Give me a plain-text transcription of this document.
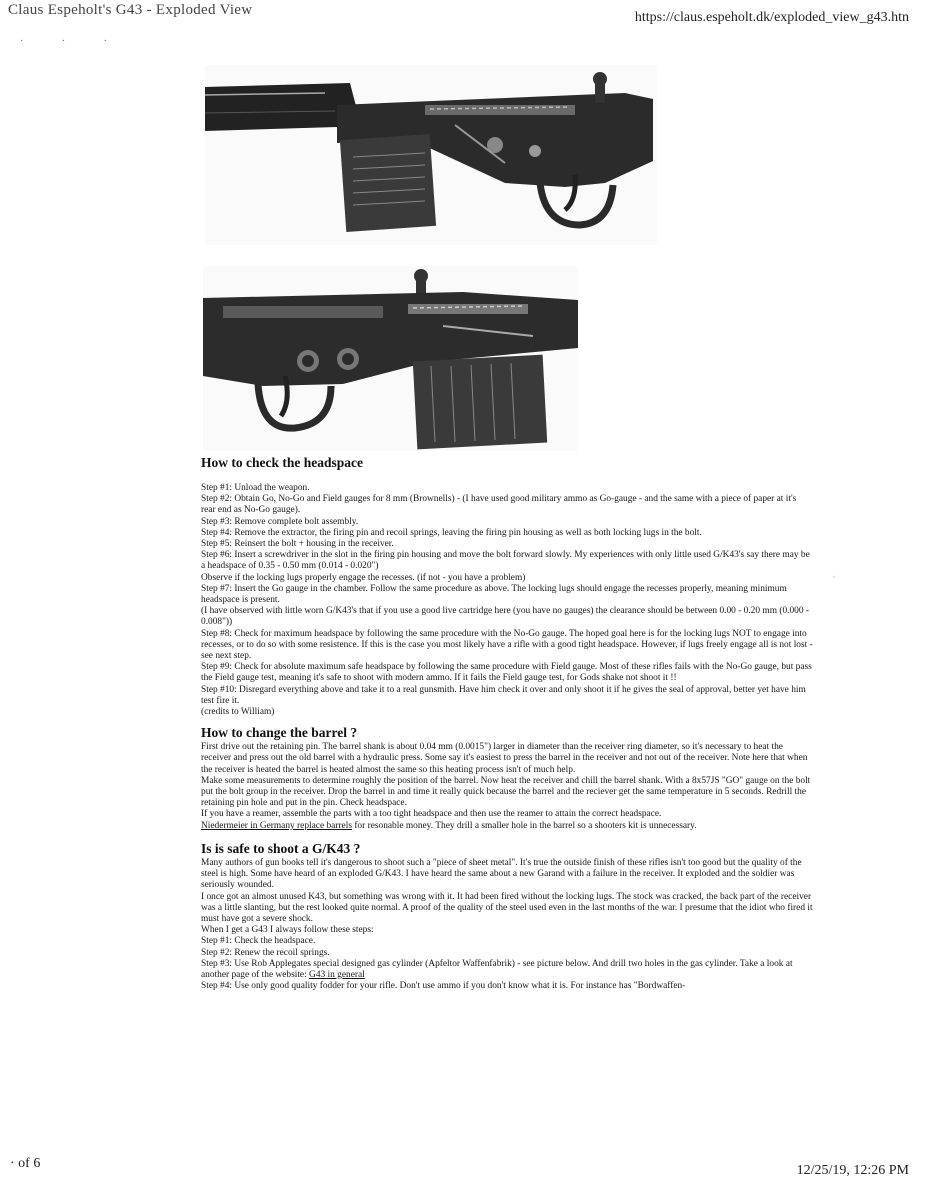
Claus Espeholt's G43 - Exploded View	https://claus.espeholt.dk/exploded_view_g43.htn
· · ·
How to check the headspace

Step #1: Unload the weapon.

Step #2: Obtain Go, No-Go and Field gauges for 8 mm (Brownells) - (I have used good military ammo as Go-gauge - and the same with a piece of paper at it's rear end as No-Go gauge).

Step #3: Remove complete bolt assembly.

Step #4: Remove the extractor, the firing pin and recoil springs, leaving the firing pin housing as well as both locking lugs in the bolt.

Step #5: Reinsert the bolt + housing in the receiver.

Step #6: Insert a screwdriver in the slot in the firing pin housing and move the bolt forward slowly. My experiences with only little used G/K43's say there may be a headspace of 0.35 - 0.50 mm (0.014 - 0.020")

Observe if the locking lugs properly engage the recesses. (if not - you have a problem)

Step #7: Insert the Go gauge in the chamber. Follow the same procedure as above. The locking lugs should engage the recesses properly, meaning minimum headspace is present.

(I have observed with little worn G/K43's that if you use a good live cartridge here (you have no gauges) the clearance should be between 0.00 - 0.20 mm (0.000 - 0.008"))

Step #8: Check for maximum headspace by following the same procedure with the No-Go gauge. The hoped goal here is for the locking lugs NOT to engage into recesses, or to do so with some resistence. If this is the case you most likely have a rifle with a good tight headspace. However, if lugs freely engage all is not lost - see next step.

Step #9: Check for absolute maximum safe headspace by following the same procedure with Field gauge. Most of these rifles fails with the No-Go gauge, but pass the Field gauge test, meaning it's safe to shoot with modern ammo. If it fails the Field gauge test, for Gods shake not shoot it !!

Step #10: Disregard everything above and take it to a real gunsmith. Have him check it over and only shoot it if he gives the seal of approval, better yet have him test fire it.

(credits to William)

How to change the barrel ?

First drive out the retaining pin. The barrel shank is about 0.04 mm (0.0015") larger in diameter than the receiver ring diameter, so it's necessary to heat the receiver and press out the old barrel with a hydraulic press. Some say it's easiest to press the barrel in the receiver and not out of the receiver. Note here that when the receiver is heated the barrel is heated almost the same so this heating process isn't of much help.

Make some measurements to determine roughly the position of the barrel. Now heat the receiver and chill the barrel shank. With a 8x57JS "GO" gauge on the bolt put the bolt group in the receiver. Drop the barrel in and time it really quick because the barrel and the reciever get the same temperature in 5 seconds. Redrill the retaining pin hole and put in the pin. Check headspace.

If you have a reamer, assemble the parts with a too tight headspace and then use the reamer to attain the correct headspace.

Niedermeier in Germany replace barrels for resonable money. They drill a smaller hole in the barrel so a shooters kit is unnecessary.

Is is safe to shoot a G/K43 ?

Many authors of gun books tell it's dangerous to shoot such a "piece of sheet metal". It's true the outside finish of these rifles isn't too good but the quality of the steel is high. Some have heard of an exploded G/K43. I have heard the same about a new Garand with a failure in the receiver. It exploded and the soldier was seriously wounded.

I once got an almost unused K43, but something was wrong with it. It had been fired without the locking lugs. The stock was cracked, the back part of the receiver was a little slanting, but the rest looked quite normal. A proof of the quality of the steel used even in the last months of the war. I presume that the idiot who fired it must have got a severe shock.

When I get a G43 I always follow these steps:

Step #1: Check the headspace.

Step #2: Renew the recoil springs.

Step #3: Use Rob Applegates special designed gas cylinder (Apfeltor Waffenfabrik) - see picture below. And drill two holes in the gas cylinder. Take a look at another page of the website: G43 in general

Step #4: Use only good quality fodder for your rifle. Don't use ammo if you don't know what it is. For instance has "Bordwaffen-

›
· of 6	12/25/19, 12:26 PM
